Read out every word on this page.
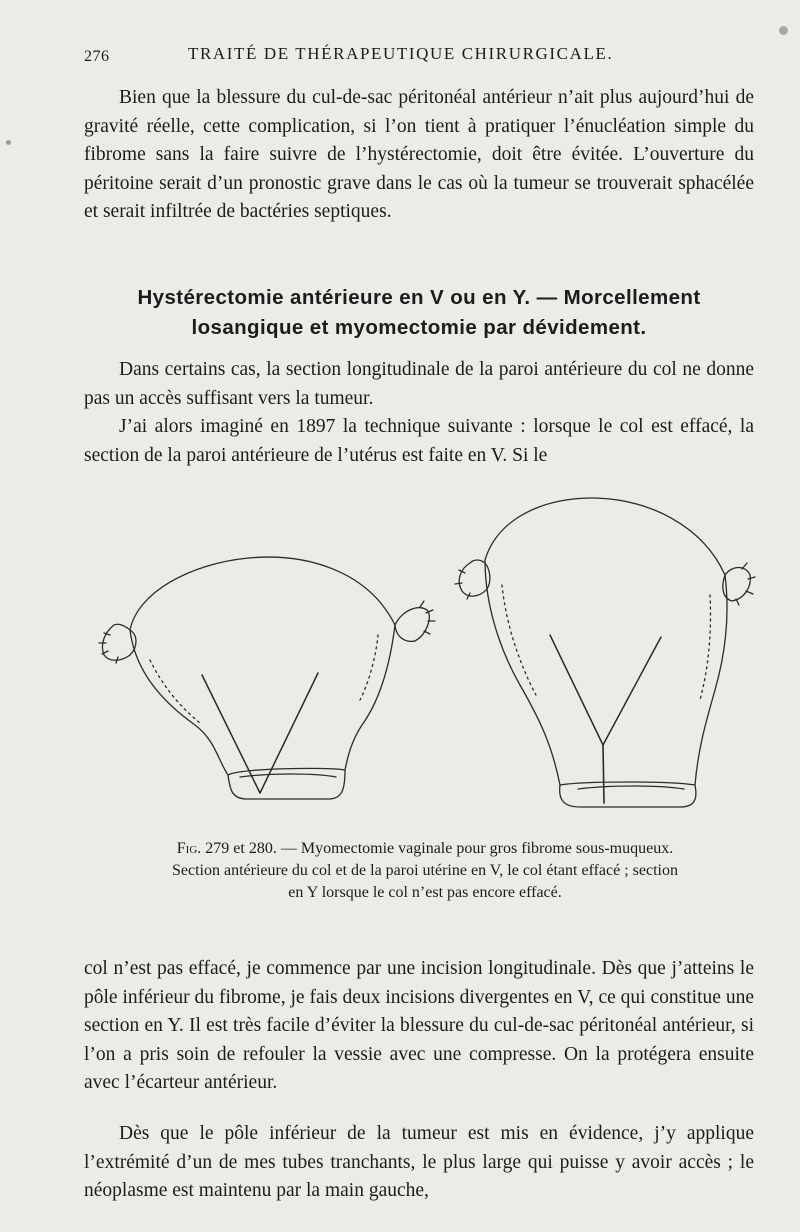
276	TRAITÉ DE THÉRAPEUTIQUE CHIRURGICALE.

Bien que la blessure du cul-de-sac péritonéal antérieur n’ait plus aujourd’hui de gravité réelle, cette complication, si l’on tient à pratiquer l’énucléation simple du fibrome sans la faire suivre de l’hystérectomie, doit être évitée. L’ouverture du péritoine serait d’un pronostic grave dans le cas où la tumeur se trouverait sphacélée et serait infiltrée de bactéries septiques.

Hystérectomie antérieure en V ou en Y. — Morcellement
losangique et myomectomie par dévidement.

Dans certains cas, la section longitudinale de la paroi antérieure du col ne donne pas un accès suffisant vers la tumeur.

J’ai alors imaginé en 1897 la technique suivante : lorsque le col est effacé, la section de la paroi antérieure de l’utérus est faite en V. Si le

Fig. 279 et 280. — Myomectomie vaginale pour gros fibrome sous-muqueux. Section antérieure du col et de la paroi utérine en V, le col étant effacé ; section en Y lorsque le col n’est pas encore effacé.

col n’est pas effacé, je commence par une incision longitudinale. Dès que j’atteins le pôle inférieur du fibrome, je fais deux incisions divergentes en V, ce qui constitue une section en Y. Il est très facile d’éviter la blessure du cul-de-sac péritonéal antérieur, si l’on a pris soin de refouler la vessie avec une compresse. On la protégera ensuite avec l’écarteur antérieur.

Dès que le pôle inférieur de la tumeur est mis en évidence, j’y applique l’extrémité d’un de mes tubes tranchants, le plus large qui puisse y avoir accès ; le néoplasme est maintenu par la main gauche,
